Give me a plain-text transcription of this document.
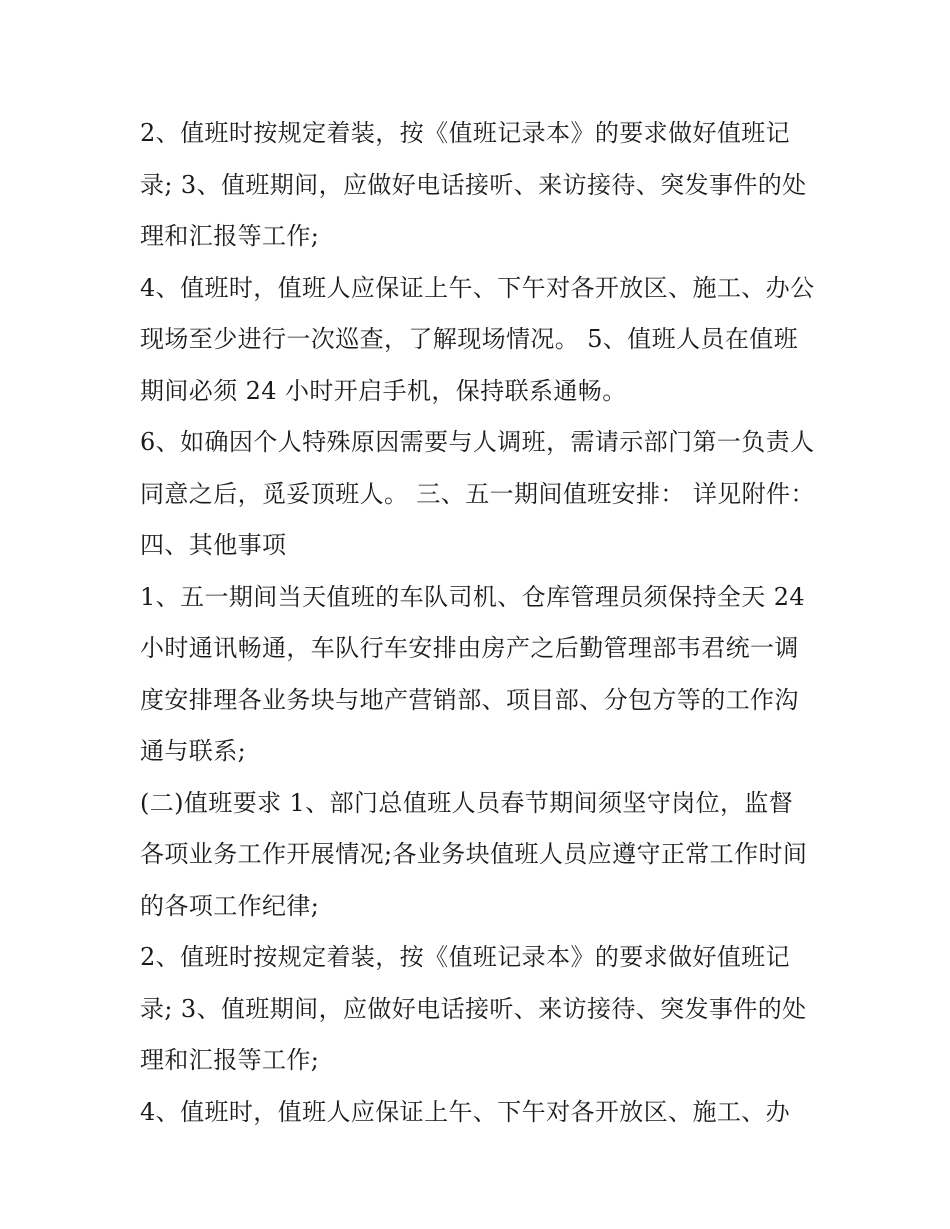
2、值班时按规定着装，按《值班记录本》的要求做好值班记录; 3、值班期间，应做好电话接听、来访接待、突发事件的处理和汇报等工作;

4、值班时，值班人应保证上午、下午对各开放区、施工、办公现场至少进行一次巡查，了解现场情况。 5、值班人员在值班期间必须 24 小时开启手机，保持联系通畅。

6、如确因个人特殊原因需要与人调班，需请示部门第一负责人同意之后，觅妥顶班人。 三、五一期间值班安排： 详见附件： 四、其他事项

1、五一期间当天值班的车队司机、仓库管理员须保持全天 24 小时通讯畅通，车队行车安排由房产之后勤管理部韦君统一调度安排理各业务块与地产营销部、项目部、分包方等的工作沟通与联系;

(二)值班要求 1、部门总值班人员春节期间须坚守岗位，监督各项业务工作开展情况;各业务块值班人员应遵守正常工作时间的各项工作纪律;

2、值班时按规定着装，按《值班记录本》的要求做好值班记录; 3、值班期间，应做好电话接听、来访接待、突发事件的处理和汇报等工作;

4、值班时，值班人应保证上午、下午对各开放区、施工、办
